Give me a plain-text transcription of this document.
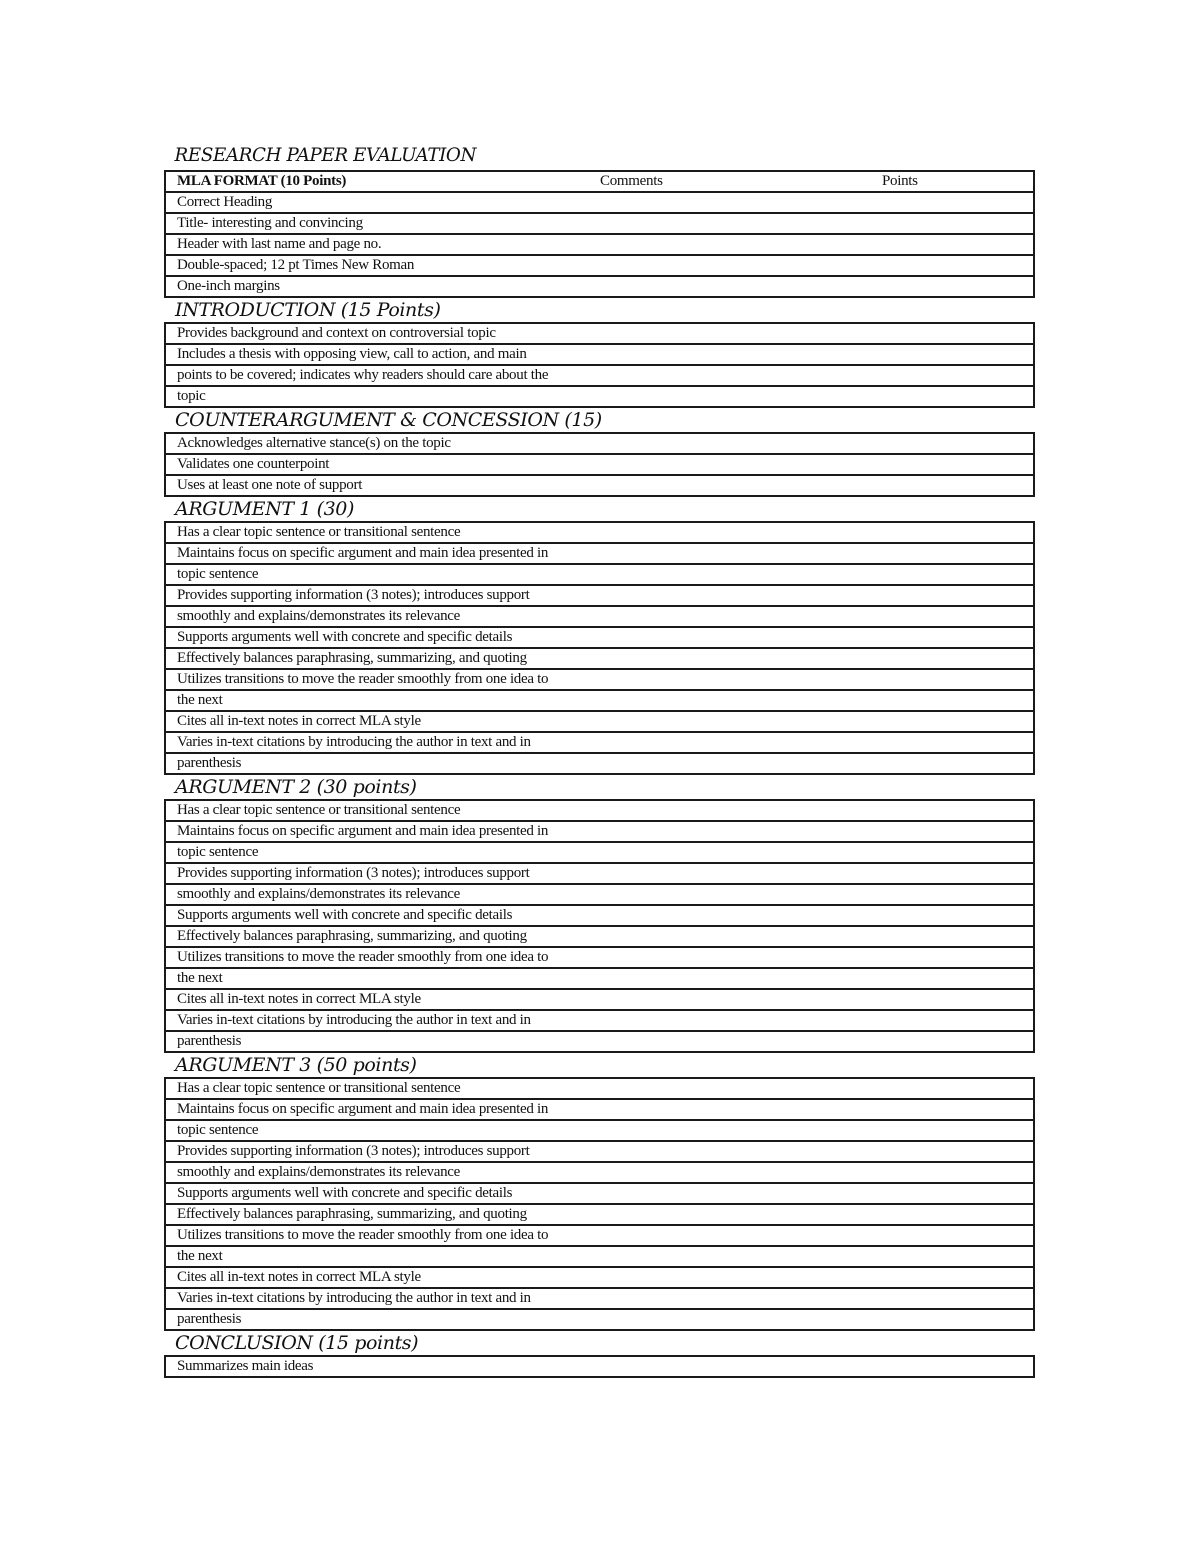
RESEARCH PAPER EVALUATION
MLA FORMAT (10 Points)	Comments	Points

Correct Heading
Title- interesting and convincing
Header with last name and page no.
Double-spaced; 12 pt Times New Roman
One-inch margins
INTRODUCTION (15 Points)
Provides background and context on controversial topic
Includes a thesis with opposing view, call to action, and main
points to be covered; indicates why readers should care about the
topic
COUNTERARGUMENT & CONCESSION (15)
Acknowledges alternative stance(s) on the topic
Validates one counterpoint
Uses at least one note of support
ARGUMENT 1 (30)
Has a clear topic sentence or transitional sentence
Maintains focus on specific argument and main idea presented in
topic sentence
Provides supporting information (3 notes); introduces support
smoothly and explains/demonstrates its relevance
Supports arguments well with concrete and specific details
Effectively balances paraphrasing, summarizing, and quoting
Utilizes transitions to move the reader smoothly from one idea to
the next
Cites all in-text notes in correct MLA style
Varies in-text citations by introducing the author in text and in
parenthesis
ARGUMENT 2 (30 points)
Has a clear topic sentence or transitional sentence
Maintains focus on specific argument and main idea presented in
topic sentence
Provides supporting information (3 notes); introduces support
smoothly and explains/demonstrates its relevance
Supports arguments well with concrete and specific details
Effectively balances paraphrasing, summarizing, and quoting
Utilizes transitions to move the reader smoothly from one idea to
the next
Cites all in-text notes in correct MLA style
Varies in-text citations by introducing the author in text and in
parenthesis
ARGUMENT 3 (50 points)
Has a clear topic sentence or transitional sentence
Maintains focus on specific argument and main idea presented in
topic sentence
Provides supporting information (3 notes); introduces support
smoothly and explains/demonstrates its relevance
Supports arguments well with concrete and specific details
Effectively balances paraphrasing, summarizing, and quoting
Utilizes transitions to move the reader smoothly from one idea to
the next
Cites all in-text notes in correct MLA style
Varies in-text citations by introducing the author in text and in
parenthesis
CONCLUSION (15 points)
Summarizes main ideas
